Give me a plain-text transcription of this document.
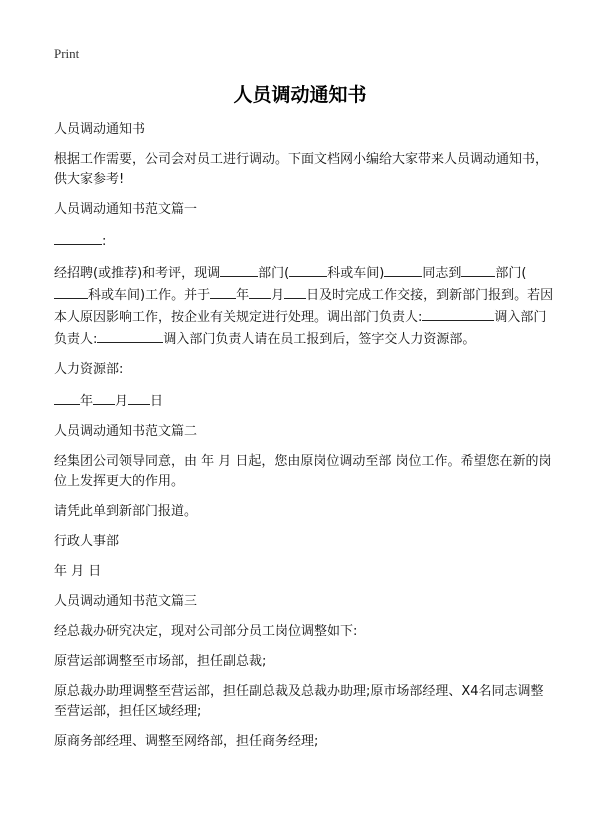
Print
人员调动通知书

人员调动通知书

根据工作需要，公司会对员工进行调动。下面文档网小编给大家带来人员调动通知书，供大家参考!

人员调动通知书范文篇一

:

经招聘(或推荐)和考评，现调	部门(	科或车间)	同志到	部门(科或车间)工作。并于 年 月 日及时完成工作交接，到新部门报到。若因本人原因影响工作，按企业有关规定进行处理。调出部门负责人:	调入部门负责人:	调入部门负责人请在员工报到后，签字交人力资源部。

人力资源部:

年 月 日

人员调动通知书范文篇二

经集团公司领导同意，由 年 月 日起，您由原岗位调动至部 岗位工作。希望您在新的岗位上发挥更大的作用。

请凭此单到新部门报道。

行政人事部

年 月 日

人员调动通知书范文篇三

经总裁办研究决定，现对公司部分员工岗位调整如下:

原营运部调整至市场部，担任副总裁;

原总裁办助理调整至营运部，担任副总裁及总裁办助理;原市场部经理、X4名同志调整至营运部，担任区域经理;

原商务部经理、调整至网络部，担任商务经理;
